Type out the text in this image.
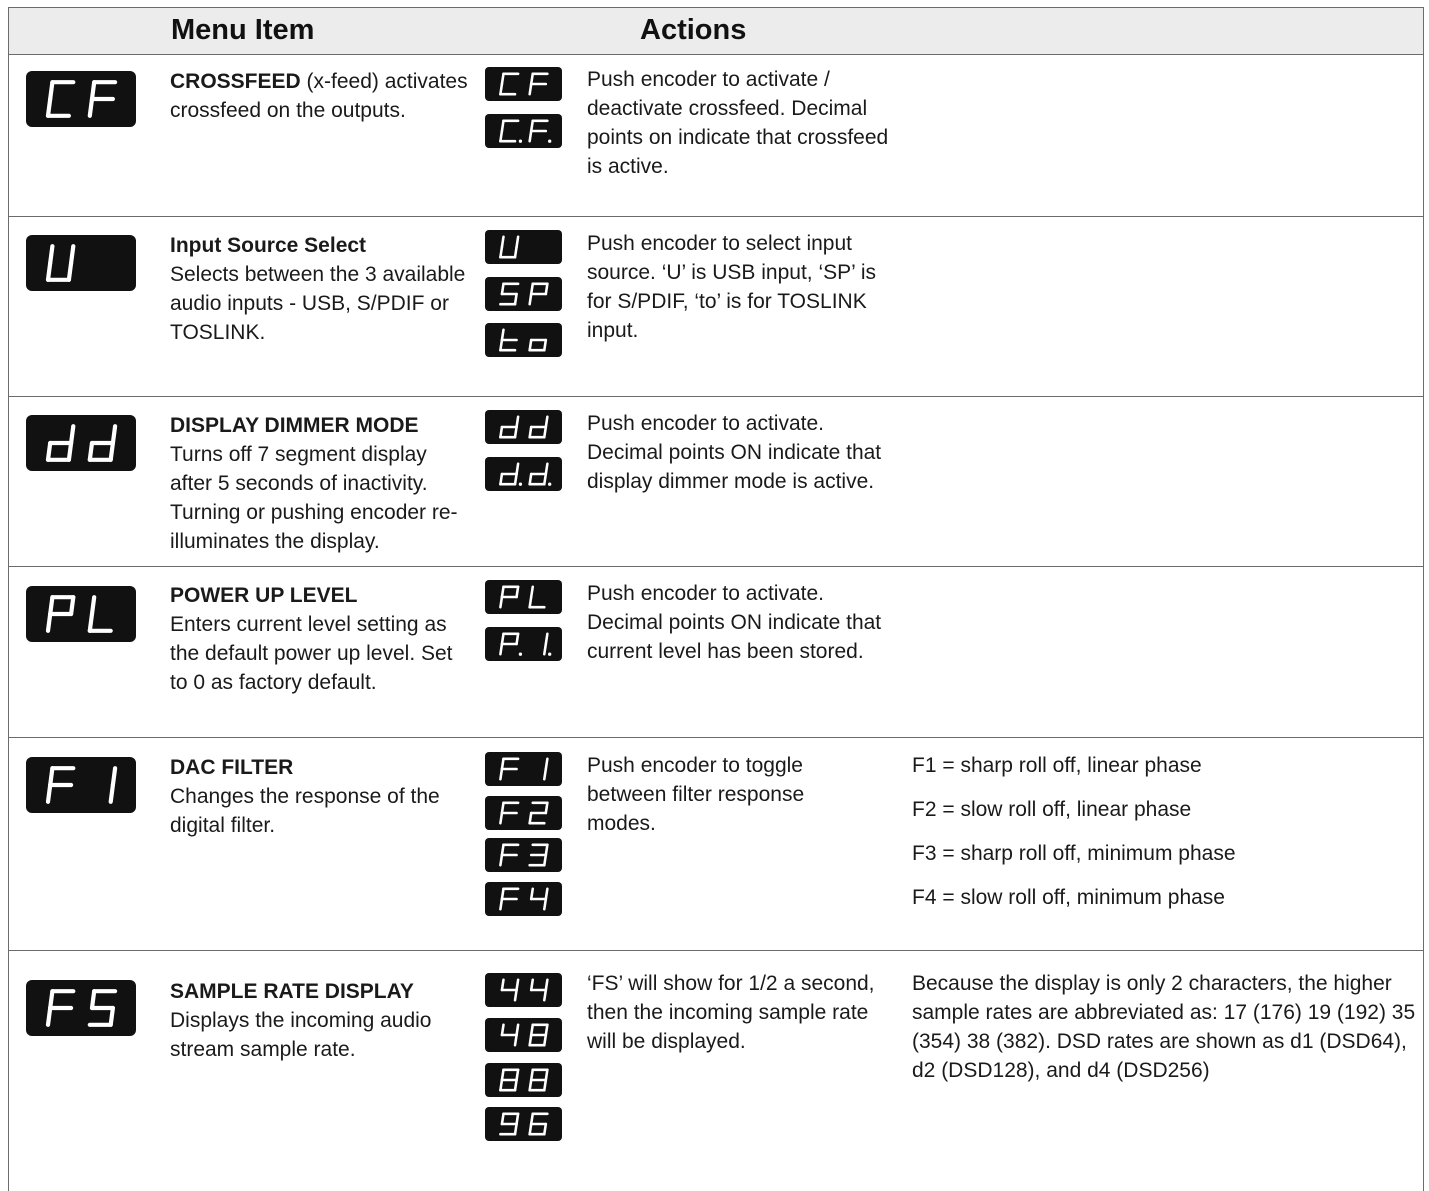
Menu Item	Actions
CROSSFEED (x-feed) activates crossfeed on the outputs.
Push encoder to activate / deactivate crossfeed. Decimal points on indicate that crossfeed is active.
Input Source Select
Selects between the 3 available audio inputs - USB, S/PDIF or TOSLINK.
Push encoder to select input source. ‘U’ is USB input, ‘SP’ is for S/PDIF, ‘to’ is for TOSLINK input.
DISPLAY DIMMER MODE
Turns off 7 segment display after 5 seconds of inactivity. Turning or pushing encoder re-illuminates the display.
Push encoder to activate. Decimal points ON indicate that display dimmer mode is active.
POWER UP LEVEL
Enters current level setting as the default power up level. Set to 0 as factory default.
Push encoder to activate. Decimal points ON indicate that current level has been stored.
DAC FILTER
Changes the response of the digital filter.
Push encoder to toggle between filter response modes.

F1 = sharp roll off, linear phase

F2 = slow roll off, linear phase

F3 = sharp roll off, minimum phase

F4 = slow roll off, minimum phase

SAMPLE RATE DISPLAY
Displays the incoming audio stream sample rate.
‘FS’ will show for 1/2 a second, then the incoming sample rate will be displayed.
Because the display is only 2 characters, the higher sample rates are abbreviated as: 17 (176) 19 (192) 35 (354) 38 (382). DSD rates are shown as d1 (DSD64), d2 (DSD128), and d4 (DSD256)
